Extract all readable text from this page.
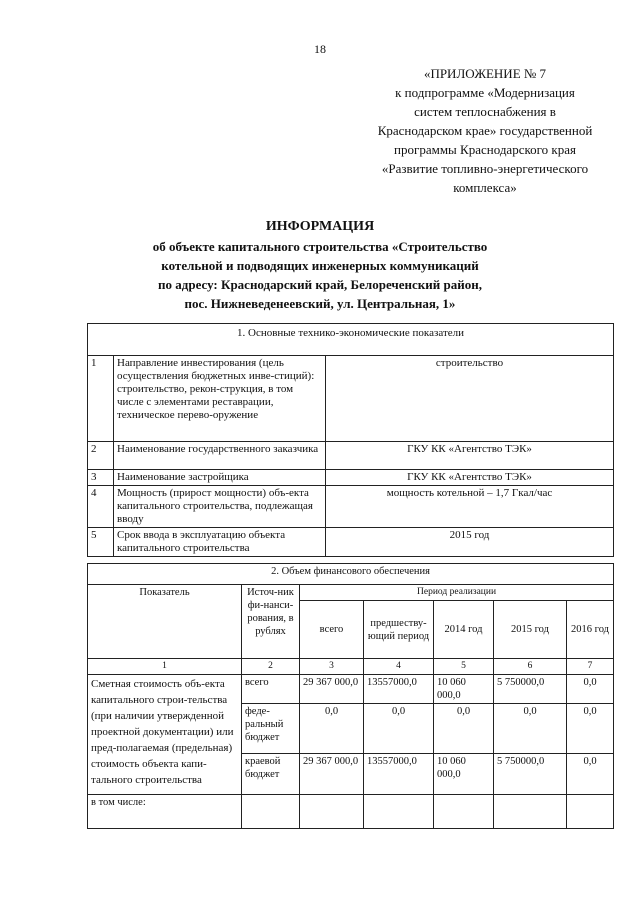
18
«ПРИЛОЖЕНИЕ № 7
к подпрограмме «Модернизация
систем теплоснабжения в
Краснодарском крае» государственной
программы Краснодарского края
«Развитие топливно-энергетического
комплекса»
ИНФОРМАЦИЯ
об объекте капитального строительства «Строительство
котельной и подводящих инженерных коммуникаций
по адресу: Краснодарский край, Белореченский район,
пос. Нижневеденеевский, ул. Центральная, 1»
1. Основные технико-экономические показатели		
1	Направление инвестирования (цель осуществления бюджетных инве-стиций): строительство, рекон-струкция, в том числе с элементами реставрации, техническое перево-оружение	строительство
2	Наименование государственного заказчика	ГКУ КК «Агентство ТЭК»
3	Наименование застройщика	ГКУ КК «Агентство ТЭК»
4	Мощность (прирост мощности) объ-екта капитального строительства, подлежащая вводу	мощность котельной – 1,7 Гкал/час
5	Срок ввода в эксплуатацию объекта капитального строительства	2015 год
2. Объем финансового обеспечения						
Показатель	Источ-ник фи-нанси-рования, в рублях	Период реализации				
		всего	предшеству-ющий период	2014 год	2015 год	2016 год
1	2	3	4	5	6	7
Сметная стоимость объ-екта капитального строи-тельства (при наличии утвержденной проектной документации) или пред-полагаемая (предельная) стоимость объекта капи-тального строительства	всего	29 367 000,0	13557000,0	10 060 000,0	5 750000,0	0,0
	феде-ральный бюджет	0,0	0,0	0,0	0,0	0,0
	краевой бюджет	29 367 000,0	13557000,0	10 060 000,0	5 750000,0	0,0
в том числе:						
